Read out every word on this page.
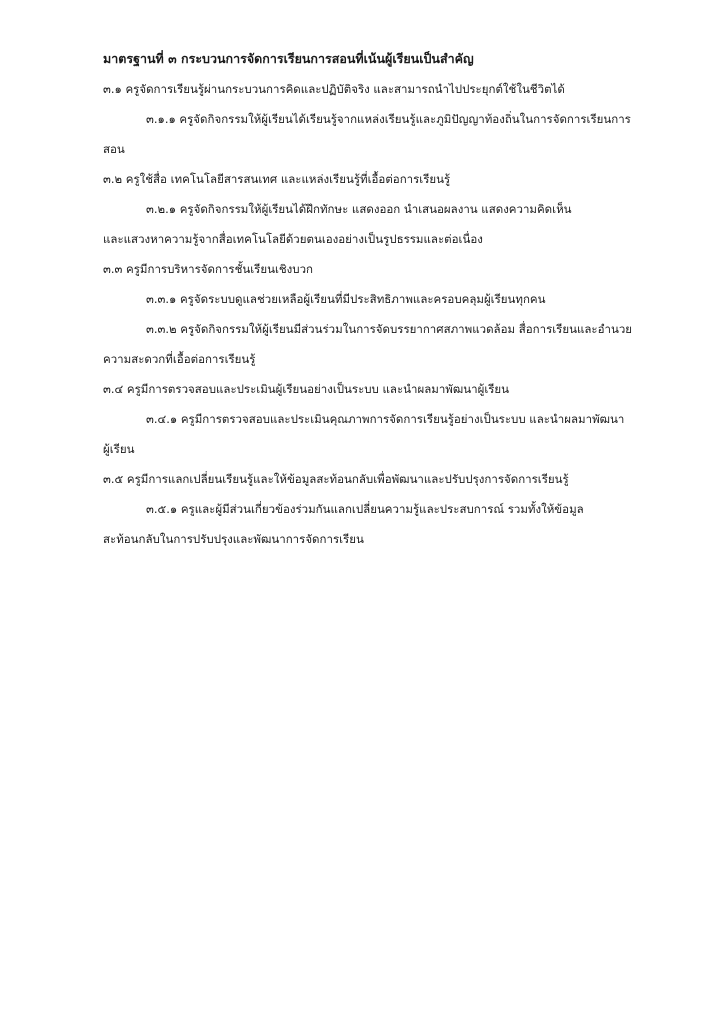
มาตรฐานที่ ๓ กระบวนการจัดการเรียนการสอนที่เน้นผู้เรียนเป็นสำคัญ

๓.๑ ครูจัดการเรียนรู้ผ่านกระบวนการคิดและปฏิบัติจริง และสามารถนำไปประยุกต์ใช้ในชีวิตได้

๓.๑.๑ ครูจัดกิจกรรมให้ผู้เรียนได้เรียนรู้จากแหล่งเรียนรู้และภูมิปัญญาท้องถิ่นในการจัดการเรียนการ
สอน

๓.๒ ครูใช้สื่อ เทคโนโลยีสารสนเทศ และแหล่งเรียนรู้ที่เอื้อต่อการเรียนรู้

๓.๒.๑ ครูจัดกิจกรรมให้ผู้เรียนได้ฝึกทักษะ แสดงออก นำเสนอผลงาน แสดงความคิดเห็น
และแสวงหาความรู้จากสื่อเทคโนโลยีด้วยตนเองอย่างเป็นรูปธรรมและต่อเนื่อง

๓.๓ ครูมีการบริหารจัดการชั้นเรียนเชิงบวก

๓.๓.๑ ครูจัดระบบดูแลช่วยเหลือผู้เรียนที่มีประสิทธิภาพและครอบคลุมผู้เรียนทุกคน
๓.๓.๒ ครูจัดกิจกรรมให้ผู้เรียนมีส่วนร่วมในการจัดบรรยากาศสภาพแวดล้อม สื่อการเรียนและอำนวย
ความสะดวกที่เอื้อต่อการเรียนรู้

๓.๔ ครูมีการตรวจสอบและประเมินผู้เรียนอย่างเป็นระบบ และนำผลมาพัฒนาผู้เรียน

๓.๔.๑ ครูมีการตรวจสอบและประเมินคุณภาพการจัดการเรียนรู้อย่างเป็นระบบ และนำผลมาพัฒนา
ผู้เรียน

๓.๕ ครูมีการแลกเปลี่ยนเรียนรู้และให้ข้อมูลสะท้อนกลับเพื่อพัฒนาและปรับปรุงการจัดการเรียนรู้

๓.๕.๑ ครูและผู้มีส่วนเกี่ยวข้องร่วมกันแลกเปลี่ยนความรู้และประสบการณ์ รวมทั้งให้ข้อมูล
สะท้อนกลับในการปรับปรุงและพัฒนาการจัดการเรียน
